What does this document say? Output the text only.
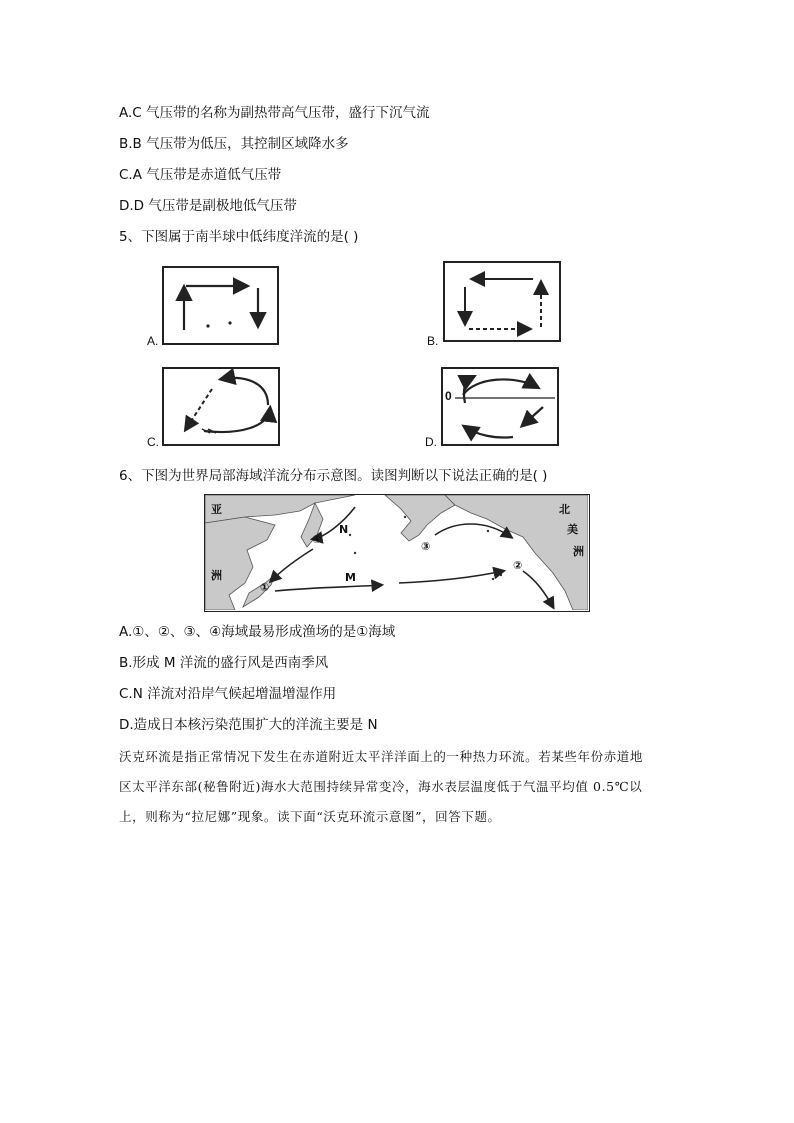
A.C 气压带的名称为副热带高气压带，盛行下沉气流
B.B 气压带为低压，其控制区域降水多
C.A 气压带是赤道低气压带
D.D 气压带是副极地低气压带
5、下图属于南半球中低纬度洋流的是( )
A.	B.
C.
0
D.
6、下图为世界局部海域洋流分布示意图。读图判断以下说法正确的是( )
亚
洲
北
美
洲
N
M
④
③
②
①
A.①、②、③、④海域最易形成渔场的是①海域
B.形成 M 洋流的盛行风是西南季风
C.N 洋流对沿岸气候起增温增湿作用
D.造成日本核污染范围扩大的洋流主要是 N
沃克环流是指正常情况下发生在赤道附近太平洋洋面上的一种热力环流。若某些年份赤道地
区太平洋东部(秘鲁附近)海水大范围持续异常变冷，海水表层温度低于气温平均值 0.5℃以
上，则称为“拉尼娜”现象。读下面“沃克环流示意图”，回答下题。
